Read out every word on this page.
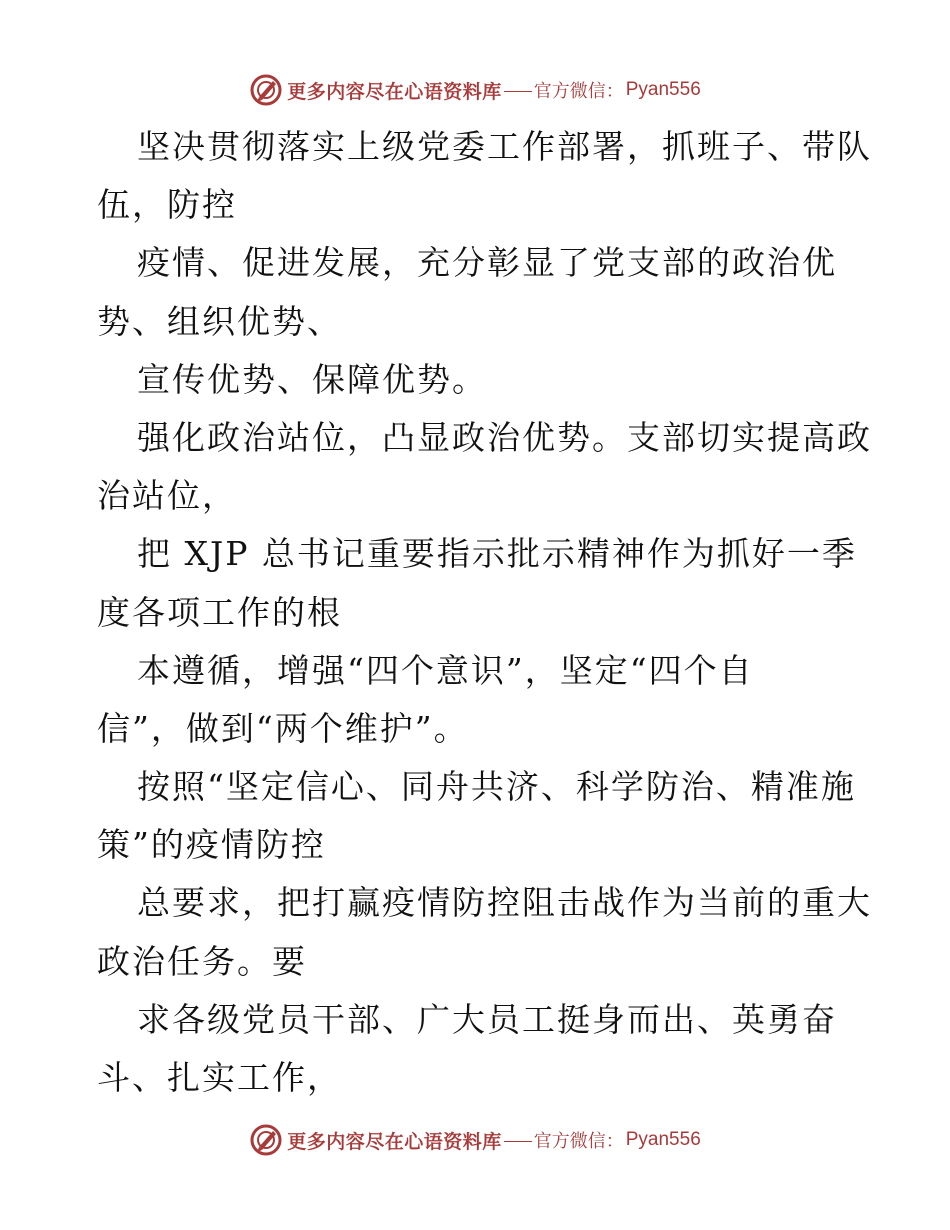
更多内容尽在心语资料库 官方微信： Pyan556
坚决贯彻落实上级党委工作部署，抓班子、带队
伍，防控
疫情、促进发展，充分彰显了党支部的政治优
势、组织优势、
宣传优势、保障优势。
强化政治站位，凸显政治优势。支部切实提高政
治站位，
把 XJP 总书记重要指示批示精神作为抓好一季
度各项工作的根
本遵循，增强“四个意识”，坚定“四个自
信”，做到“两个维护”。
按照“坚定信心、同舟共济、科学防治、精准施
策”的疫情防控
总要求，把打赢疫情防控阻击战作为当前的重大
政治任务。要
求各级党员干部、广大员工挺身而出、英勇奋
斗、扎实工作，
更多内容尽在心语资料库 官方微信： Pyan556
